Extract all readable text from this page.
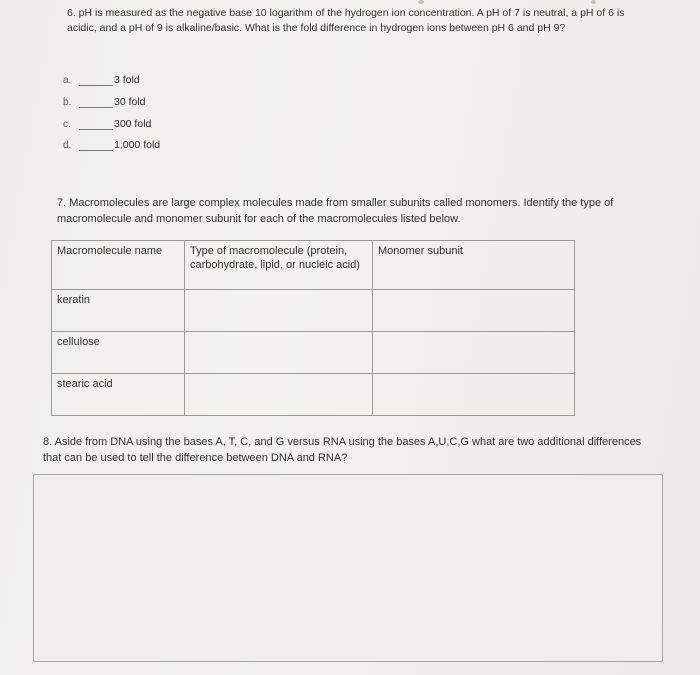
6. pH is measured as the negative base 10 logarithm of the hydrogen ion concentration. A pH of 7 is neutral, a pH of 6 is acidic, and a pH of 9 is alkaline/basic. What is the fold difference in hydrogen ions between pH 6 and pH 9?
a.	3 fold
b.	30 fold
c.	300 fold
d.	1,000 fold
7. Macromolecules are large complex molecules made from smaller subunits called monomers. Identify the type of macromolecule and monomer subunit for each of the macromolecules listed below.
Macromolecule name	Type of macromolecule (protein, carbohydrate, lipid, or nucleic acid)	Monomer subunit
keratin		
cellulose		
stearic acid		
8. Aside from DNA using the bases A, T, C, and G versus RNA using the bases A,U,C,G what are two additional differences that can be used to tell the difference between DNA and RNA?
